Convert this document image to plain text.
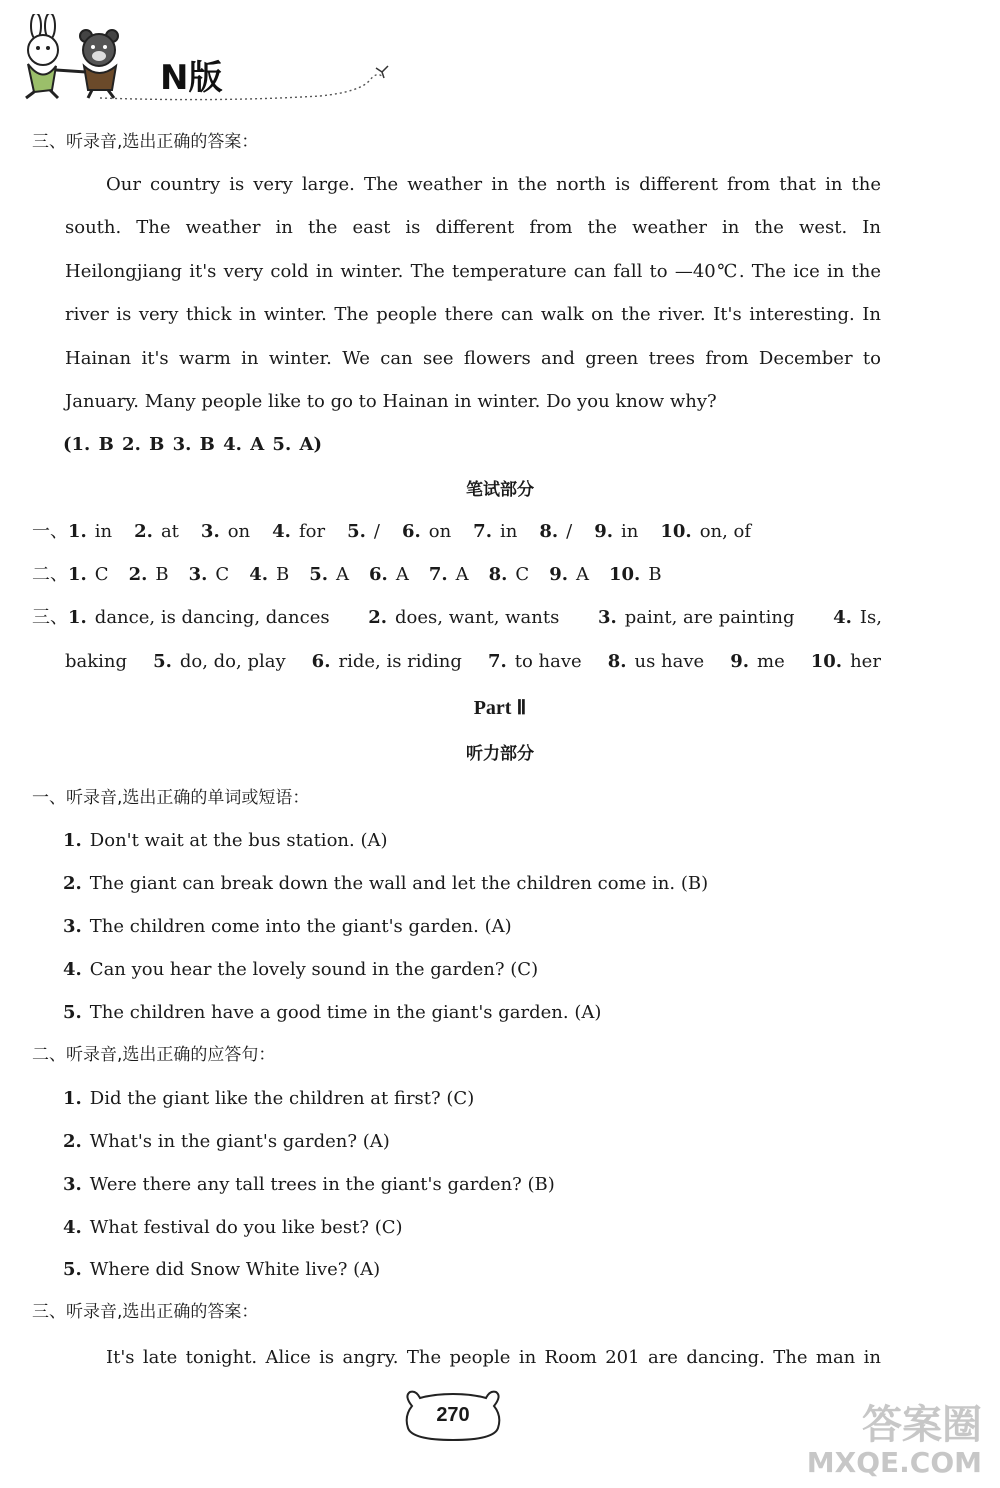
N版
三、听录音,选出正确的答案：
Our country is very large. The weather in the north is different from that in the
south. The weather in the east is different from the weather in the west. In
Heilongjiang it's very cold in winter. The temperature can fall to —40℃. The ice in the
river is very thick in winter. The people there can walk on the river. It's interesting. In
Hainan it's warm in winter. We can see flowers and green trees from December to
January. Many people like to go to Hainan in winter. Do you know why?
(1. B 2. B 3. B 4. A 5. A)
笔试部分
一、 1. in 2. at 3. on 4. for 5. / 6. on 7. in 8. / 9. in 10. on, of
二、 1. C 2. B 3. C 4. B 5. A 6. A 7. A 8. C 9. A 10. B
三、 1. dance, is dancing, dances 2. does, want, wants 3. paint, are painting 4. Is,
baking 5. do, do, play 6. ride, is riding 7. to have 8. us have 9. me 10. her
Part Ⅱ
听力部分
一、听录音,选出正确的单词或短语：
1. Don't wait at the bus station. (A)
2. The giant can break down the wall and let the children come in. (B)
3. The children come into the giant's garden. (A)
4. Can you hear the lovely sound in the garden? (C)
5. The children have a good time in the giant's garden. (A)
二、听录音,选出正确的应答句：
1. Did the giant like the children at first? (C)
2. What's in the giant's garden? (A)
3. Were there any tall trees in the giant's garden? (B)
4. What festival do you like best? (C)
5. Where did Snow White live? (A)
三、听录音,选出正确的答案：
It's late tonight. Alice is angry. The people in Room 201 are dancing. The man in
270	答案圈
MXQE.COM
